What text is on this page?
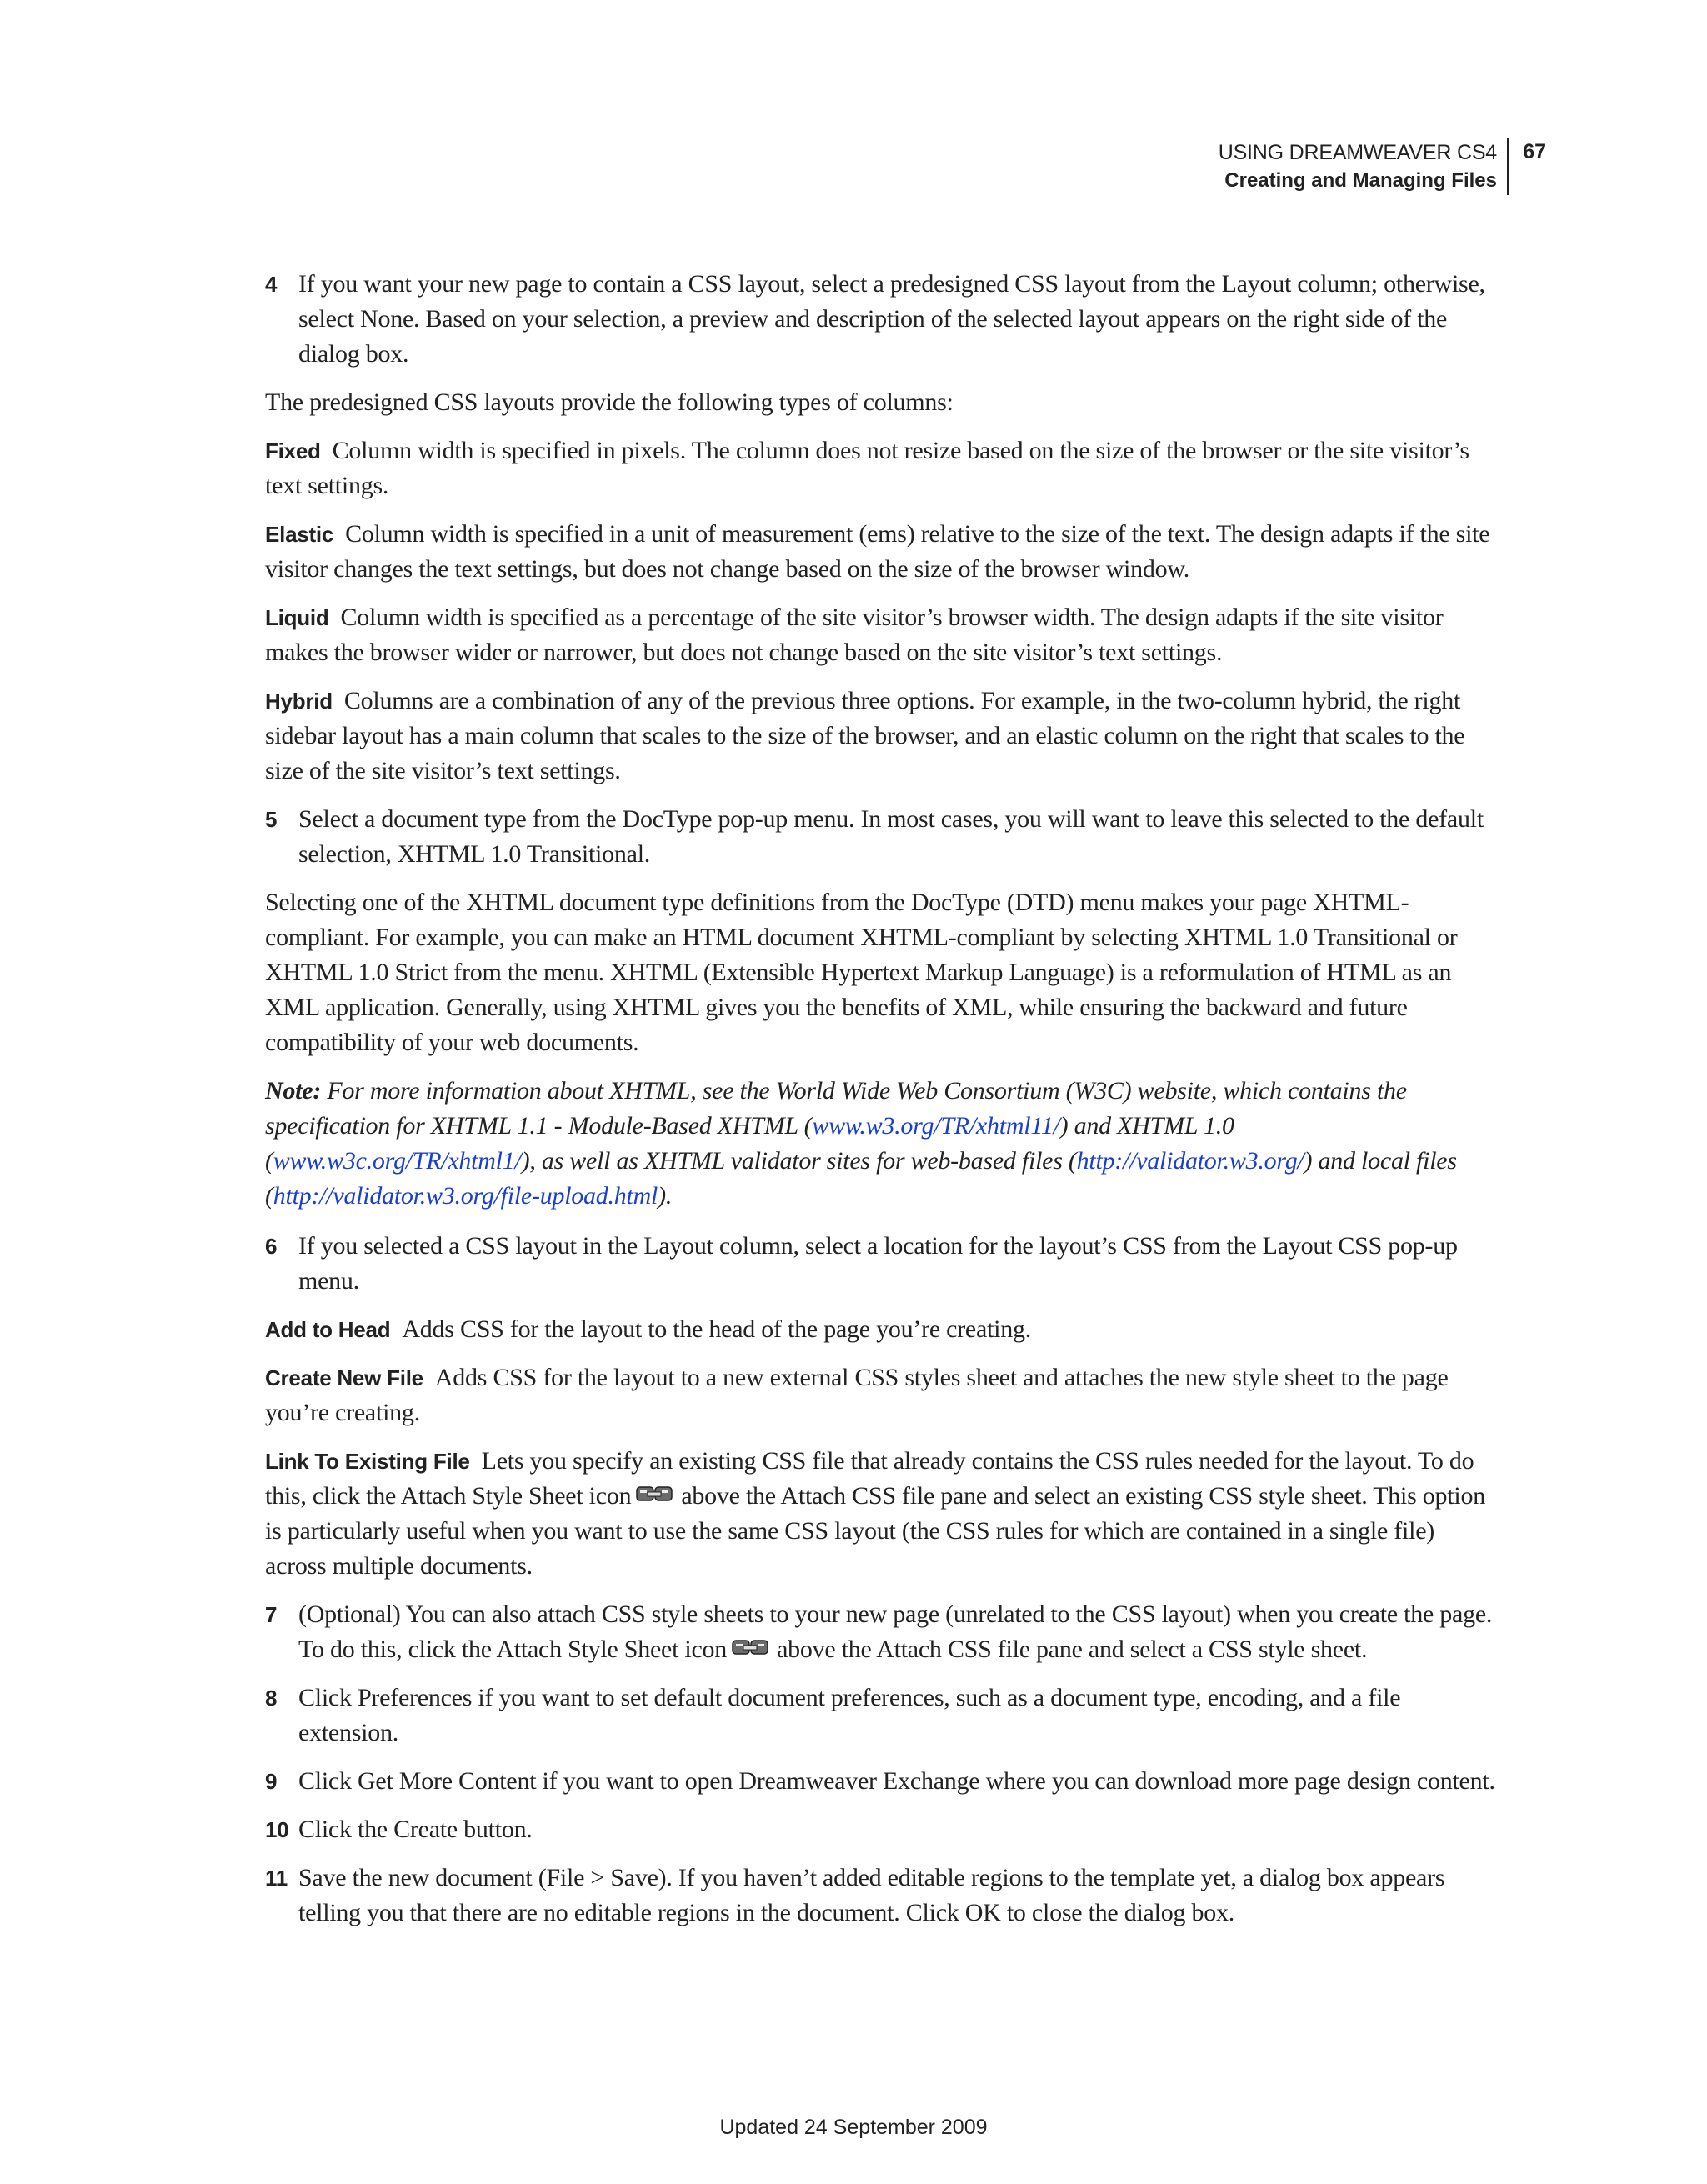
USING DREAMWEAVER CS4
Creating and Managing Files
67
4 If you want your new page to contain a CSS layout, select a predesigned CSS layout from the Layout column; otherwise, select None. Based on your selection, a preview and description of the selected layout appears on the right side of the dialog box.

The predesigned CSS layouts provide the following types of columns:

Fixed Column width is specified in pixels. The column does not resize based on the size of the browser or the site visitor’s text settings.

Elastic Column width is specified in a unit of measurement (ems) relative to the size of the text. The design adapts if the site visitor changes the text settings, but does not change based on the size of the browser window.

Liquid Column width is specified as a percentage of the site visitor’s browser width. The design adapts if the site visitor makes the browser wider or narrower, but does not change based on the site visitor’s text settings.

Hybrid Columns are a combination of any of the previous three options. For example, in the two-column hybrid, the right sidebar layout has a main column that scales to the size of the browser, and an elastic column on the right that scales to the size of the site visitor’s text settings.

5 Select a document type from the DocType pop-up menu. In most cases, you will want to leave this selected to the default selection, XHTML 1.0 Transitional.

Selecting one of the XHTML document type definitions from the DocType (DTD) menu makes your page XHTML-compliant. For example, you can make an HTML document XHTML-compliant by selecting XHTML 1.0 Transitional or XHTML 1.0 Strict from the menu. XHTML (Extensible Hypertext Markup Language) is a reformulation of HTML as an XML application. Generally, using XHTML gives you the benefits of XML, while ensuring the backward and future compatibility of your web documents.

Note: For more information about XHTML, see the World Wide Web Consortium (W3C) website, which contains the specification for XHTML 1.1 - Module-Based XHTML (www.w3.org/TR/xhtml11/) and XHTML 1.0 (www.w3c.org/TR/xhtml1/), as well as XHTML validator sites for web-based files (http://validator.w3.org/) and local files (http://validator.w3.org/file-upload.html).

6 If you selected a CSS layout in the Layout column, select a location for the layout’s CSS from the Layout CSS pop-up menu.

Add to Head Adds CSS for the layout to the head of the page you’re creating.

Create New File Adds CSS for the layout to a new external CSS styles sheet and attaches the new style sheet to the page you’re creating.

Link To Existing File Lets you specify an existing CSS file that already contains the CSS rules needed for the layout. To do this, click the Attach Style Sheet icon above the Attach CSS file pane and select an existing CSS style sheet. This option is particularly useful when you want to use the same CSS layout (the CSS rules for which are contained in a single file) across multiple documents.

7 (Optional) You can also attach CSS style sheets to your new page (unrelated to the CSS layout) when you create the page. To do this, click the Attach Style Sheet icon above the Attach CSS file pane and select a CSS style sheet.
8 Click Preferences if you want to set default document preferences, such as a document type, encoding, and a file extension.
9 Click Get More Content if you want to open Dreamweaver Exchange where you can download more page design content.
10 Click the Create button.
11 Save the new document (File > Save). If you haven’t added editable regions to the template yet, a dialog box appears telling you that there are no editable regions in the document. Click OK to close the dialog box.
Updated 24 September 2009
